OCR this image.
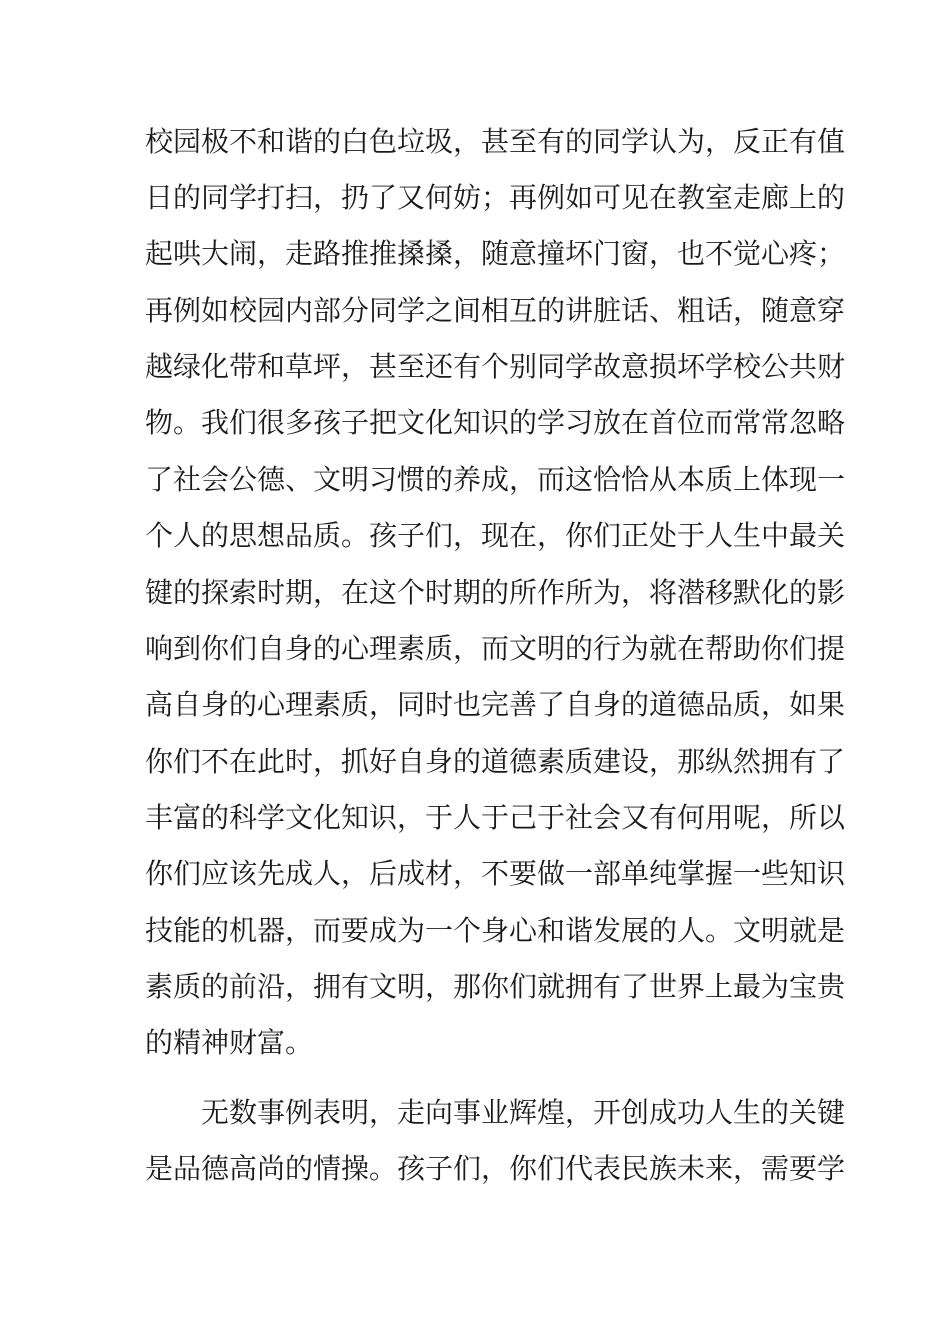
校园极不和谐的白色垃圾，甚至有的同学认为，反正有值
日的同学打扫，扔了又何妨；再例如可见在教室走廊上的
起哄大闹，走路推推搡搡，随意撞坏门窗，也不觉心疼；
再例如校园内部分同学之间相互的讲脏话、粗话，随意穿
越绿化带和草坪，甚至还有个别同学故意损坏学校公共财
物。我们很多孩子把文化知识的学习放在首位而常常忽略
了社会公德、文明习惯的养成，而这恰恰从本质上体现一
个人的思想品质。孩子们，现在，你们正处于人生中最关
键的探索时期，在这个时期的所作所为，将潜移默化的影
响到你们自身的心理素质，而文明的行为就在帮助你们提
高自身的心理素质，同时也完善了自身的道德品质，如果
你们不在此时，抓好自身的道德素质建设，那纵然拥有了
丰富的科学文化知识，于人于己于社会又有何用呢，所以
你们应该先成人，后成材，不要做一部单纯掌握一些知识
技能的机器，而要成为一个身心和谐发展的人。文明就是
素质的前沿，拥有文明，那你们就拥有了世界上最为宝贵
的精神财富。
无数事例表明，走向事业辉煌，开创成功人生的关键
是品德高尚的情操。孩子们，你们代表民族未来，需要学
